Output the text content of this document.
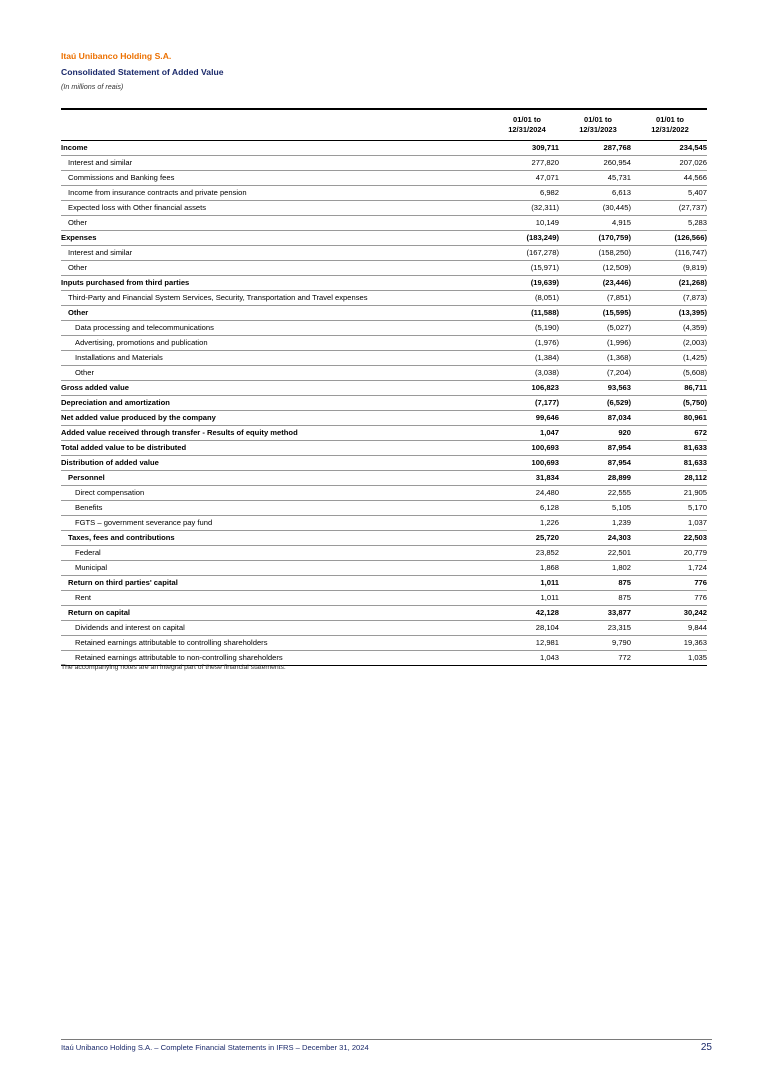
Itaú Unibanco Holding S.A.
Consolidated Statement of Added Value
(In millions of reais)
01/01 to
12/31/2024
01/01 to
12/31/2023
01/01 to
12/31/2022
Income	309,711	287,768	234,545
Interest and similar	277,820	260,954	207,026
Commissions and Banking fees	47,071	45,731	44,566
Income from insurance contracts and private pension	6,982	6,613	5,407
Expected loss with Other financial assets	(32,311)	(30,445)	(27,737)
Other	10,149	4,915	5,283
Expenses	(183,249)	(170,759)	(126,566)
Interest and similar	(167,278)	(158,250)	(116,747)
Other	(15,971)	(12,509)	(9,819)
Inputs purchased from third parties	(19,639)	(23,446)	(21,268)
Third-Party and Financial System Services, Security, Transportation and Travel expenses	(8,051)	(7,851)	(7,873)
Other	(11,588)	(15,595)	(13,395)
Data processing and telecommunications	(5,190)	(5,027)	(4,359)
Advertising, promotions and publication	(1,976)	(1,996)	(2,003)
Installations and Materials	(1,384)	(1,368)	(1,425)
Other	(3,038)	(7,204)	(5,608)
Gross added value	106,823	93,563	86,711
Depreciation and amortization	(7,177)	(6,529)	(5,750)
Net added value produced by the company	99,646	87,034	80,961
Added value received through transfer - Results of equity method	1,047	920	672
Total added value to be distributed	100,693	87,954	81,633
Distribution of added value	100,693	87,954	81,633
Personnel	31,834	28,899	28,112
Direct compensation	24,480	22,555	21,905
Benefits	6,128	5,105	5,170
FGTS – government severance pay fund	1,226	1,239	1,037
Taxes, fees and contributions	25,720	24,303	22,503
Federal	23,852	22,501	20,779
Municipal	1,868	1,802	1,724
Return on third parties' capital	1,011	875	776
Rent	1,011	875	776
Return on capital	42,128	33,877	30,242
Dividends and interest on capital	28,104	23,315	9,844
Retained earnings attributable to controlling shareholders	12,981	9,790	19,363
Retained earnings attributable to non-controlling shareholders	1,043	772	1,035
The accompanying notes are an integral part of these financial statements.
Itaú Unibanco Holding S.A. – Complete Financial Statements in IFRS – December 31, 2024	25
